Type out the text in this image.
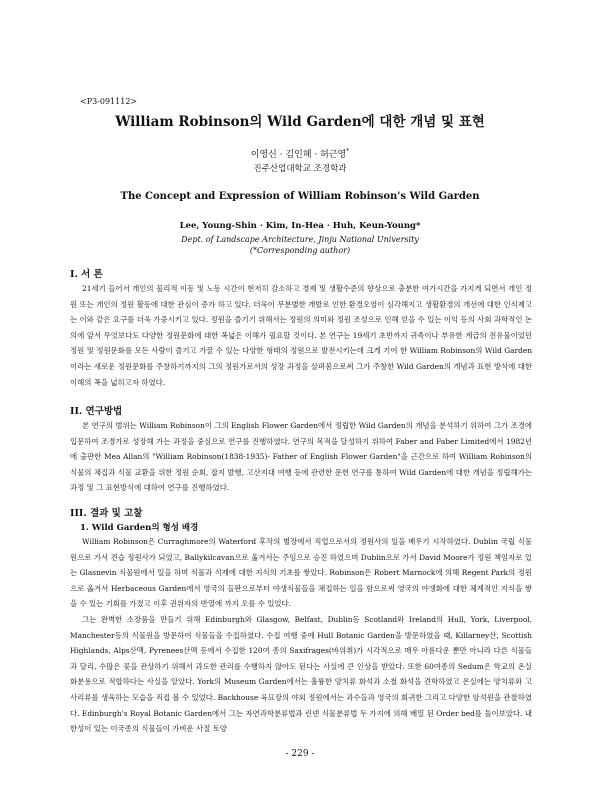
<P3-091112>
William Robinson의 Wild Garden에 대한 개념 및 표현
이영신 · 김인혜 · 허근영*
진주산업대학교 조경학과
The Concept and Expression of William Robinson's Wild Garden
Lee, Young-Shin · Kim, In-Hea · Huh, Keun-Young*
Dept. of Landscape Architecture, Jinju National University
(*Corresponding author)
I. 서 론
21세기 들어서 개인의 물리적 이동 및 노동 시간이 현저히 감소하고 경제 및 생활수준의 향상으로 충분한 여가시간을 가지게 되면서 개인 정원 또는 개인의 정원 활동에 대한 관심이 증가 하고 있다. 더욱이 무분별한 개발로 인한 환경오염이 심각해지고 생활환경의 개선에 대한 인식제고는 이와 같은 요구를 더욱 가중시키고 있다. 정원을 즐기기 위해서는 정원의 의미와 정원 조성으로 인해 얻을 수 있는 이익 등의 사회 과학적인 논의에 앞서 무엇보다도 다양한 정원문화에 대한 폭넓은 이해가 필요할 것이다. 본 연구는 19세기 초반까지 귀족이나 부유한 계급의 전유물이었던 정원 및 정원문화를 모든 사람이 즐기고 가꿀 수 있는 다양한 형태의 정원으로 발전시키는데 크게 기여 한 William Robinson의 Wild Garden이라는 새로운 정원문화를 주창하기까지의 그의 정원가로서의 성장 과정을 살펴봄으로써 그가 주창한 Wild Garden의 개념과 표현 방식에 대한 이해의 폭을 넓히고자 하였다.
II. 연구방법
본 연구의 범위는 William Robinson이 그의 English Flower Garden에서 정립한 Wild Garden의 개념을 분석하기 위하여 그가 조경에 입문하여 조경가로 성장해 가는 과정을 중심으로 연구를 진행하였다. 연구의 목적을 달성하기 위하여 Faber and Faber Limited에서 1982년에 출판한 Mea Allan의 "William Robinson(1838-1935)- Father of English Flower Garden"을 근간으로 하여 William Robinson의 식물의 채집과 식물 교환을 위한 정원 순회, 잡지 발행, 고산지대 여행 등에 관련한 문헌 연구를 통하여 Wild Garden에 대한 개념을 정립해가는 과정 및 그 표현방식에 대하여 연구를 진행하였다.
III. 결과 및 고찰
1. Wild Garden의 형성 배경
William Robinson은 Curraghmore의 Waterford 후작의 별장에서 직업으로서의 정원사의 일을 배우기 시작하였다. Dublin 국립 식물원으로 가서 견습 정원사가 되었고, Ballykilcavan으로 옮겨서는 주임으로 승진 하였으며 Dublin으로 가서 David Moore가 정원 책임자로 있는 Glasnevin 식물원에서 일을 하며 식물과 식재에 대한 지식의 기초를 쌓았다. Robinson은 Robert Marnock에 의해 Regent Park의 정원으로 옮겨서 Herbaceous Garden에서 영국의 들판으로부터 야생식물들을 채집하는 일을 함으로써 영국의 야생화에 대한 체계적인 지식을 쌓을 수 있는 기회를 가졌고 이후 권위자의 반열에 까지 오를 수 있었다.
그는 완벽한 소장품을 만들기 위해 Edinburgh와 Glasgow, Belfast, Dublin등 Scotland와 Ireland의 Hull, York, Liverpool, Manchester등의 식물원을 방문하여 식물들을 수집하였다. 수집 여행 중에 Hull Botanic Garden을 방문하였을 때, Killarney산, Scottish Highlands, Alps산맥, Pyrenees산맥 등에서 수집한 120여 종의 Saxifrages(바위취)가 시각적으로 매우 아름다운 뿐만 아니라 다른 식물들과 달리, 수많은 꽃을 관상하기 위해서 과도한 관리를 수행하지 않아도 된다는 사실에 큰 인상을 받았다. 또한 60여종의 Sedum은 학교의 온실 화분용으로 적합하다는 사실을 알았다. York의 Museum Garden에서는 훌륭한 양치류 화석과 소철 화석을 견학하였고 온실에는 양치류와 고사리류를 생육하는 모습을 직접 볼 수 있었다. Backhouse 육묘장의 야외 정원에서는 과수들과 영국의 회귀한 그리고 다양한 암석원을 관찰하였다. Edinburgh's Royal Botanic Garden에서 그는 자연과학분류법과 린넨 식물분류법 두 가지에 의해 배열 된 Order bed를 둘이보았다. 내한성이 있는 이국종의 식물들이 가벼운 사절 토양
- 229 -
